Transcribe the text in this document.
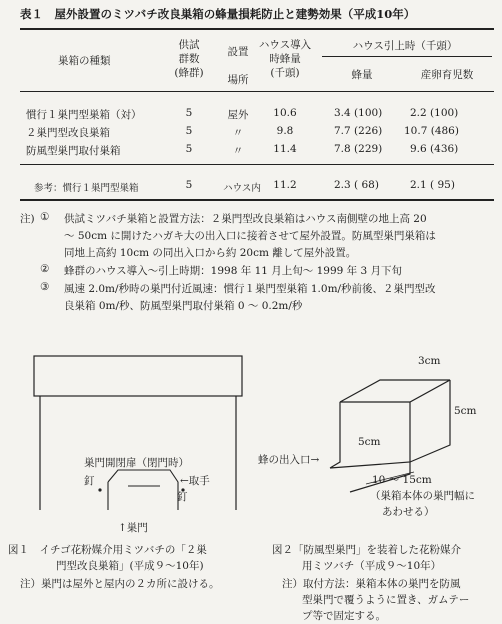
表１　屋外設置のミツバチ改良巣箱の蜂量損耗防止と建勢効果（平成10年）
巣箱の種類
供試
群数
(蜂群)
設置
場所
ハウス導入
時蜂量
(千頭)
ハウス引上時（千頭）
蜂量	産卵育児数
慣行１巣門型巣箱（対）	5	屋外	10.6	3.4 (100)	2.2 (100)
２巣門型改良巣箱	5	〃	9.8	7.7 (226) 10.7 (486)
防風型巣門取付巣箱	5	〃	11.4	7.8 (229)	9.6 (436)
参考：慣行１巣門型巣箱	5	ハウス内	11.2	2.3 ( 68)	2.1 ( 95)
注) ① 供試ミツバチ巣箱と設置方法：２巣門型改良巣箱はハウス南側壁の地上高 20
～ 50cm に開けたハガキ大の出入口に接着させて屋外設置。防風型巣門巣箱は
同地上高約 10cm の同出入口から約 20cm 離して屋外設置。
② 蜂群のハウス導入～引上時期：1998 年 11 月上旬～ 1999 年 3 月下旬
③ 風速 2.0m/秒時の巣門付近風速：慣行１巣門型巣箱 1.0m/秒前後、２巣門型改
良巣箱 0m/秒、防風型巣門取付巣箱 0 ～ 0.2m/秒
巣門開閉扉（閉門時）
釘	←取手
釘
↑巣門
図１　イチゴ花粉媒介用ミツバチの「２巣
門型改良巣箱」(平成９～10年)
注）巣門は屋外と屋内の２カ所に設ける。
3cm
5cm
5cm
蜂の出入口→
10 ～ 15cm
（巣箱本体の巣門幅に
あわせる）
図２「防風型巣門」を装着した花粉媒介
用ミツバチ（平成９～10年）
注）取付方法：巣箱本体の巣門を防風
型巣門で覆うように置き、ガムテー
プ等で固定する。
